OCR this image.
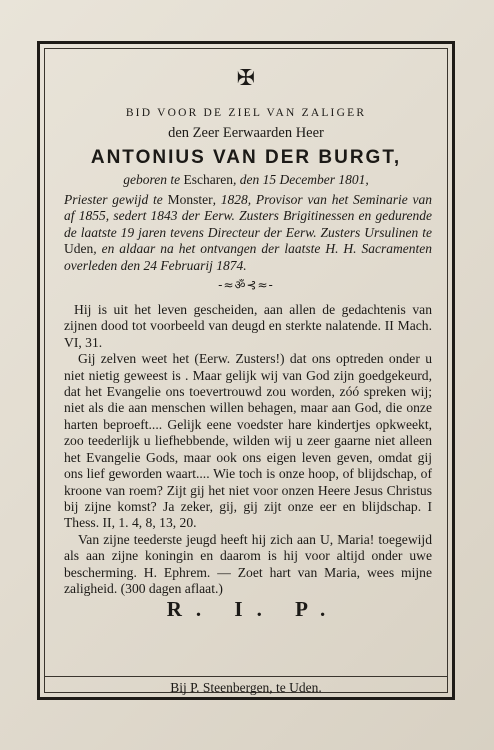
✠
BID VOOR DE ZIEL VAN ZALIGER
den Zeer Eerwaarden Heer
ANTONIUS VAN DER BURGT,
geboren te Escharen, den 15 December 1801,
Priester gewijd te Monster, 1828, Provisor van het Seminarie van af 1855, sedert 1843 der Eerw. Zusters Brigitinessen en gedurende de laatste 19 jaren tevens Directeur der Eerw. Zusters Ursulinen te Uden, en aldaar na het ontvangen der laatste H. H. Sacramenten overleden den 24 Februarij 1874.
-≈ॐ⊰≈-

Hij is uit het leven gescheiden, aan allen de gedachtenis van zijnen dood tot voorbeeld van deugd en sterkte nalatende. II Mach. VI, 31.

Gij zelven weet het (Eerw. Zusters!) dat ons optreden onder u niet nietig geweest is . Maar gelijk wij van God zijn goedgekeurd, dat het Evangelie ons toevertrouwd zou worden, zóó spreken wij; niet als die aan menschen willen behagen, maar aan God, die onze harten beproeft.... Gelijk eene voedster hare kindertjes opkweekt, zoo teederlijk u liefhebbende, wilden wij u zeer gaarne niet alleen het Evangelie Gods, maar ook ons eigen leven geven, omdat gij ons lief geworden waart.... Wie toch is onze hoop, of blijdschap, of kroone van roem? Zijt gij het niet voor onzen Heere Jesus Christus bij zijne komst? Ja zeker, gij, gij zijt onze eer en blijdschap. I Thess. II, 1. 4, 8, 13, 20.

Van zijne teederste jeugd heeft hij zich aan U, Maria! toegewijd als aan zijne koningin en daarom is hij voor altijd onder uwe bescherming. H. Ephrem. — Zoet hart van Maria, wees mijne zaligheid. (300 dagen aflaat.)

R. I. P.
Bij P. Steenbergen, te Uden.
